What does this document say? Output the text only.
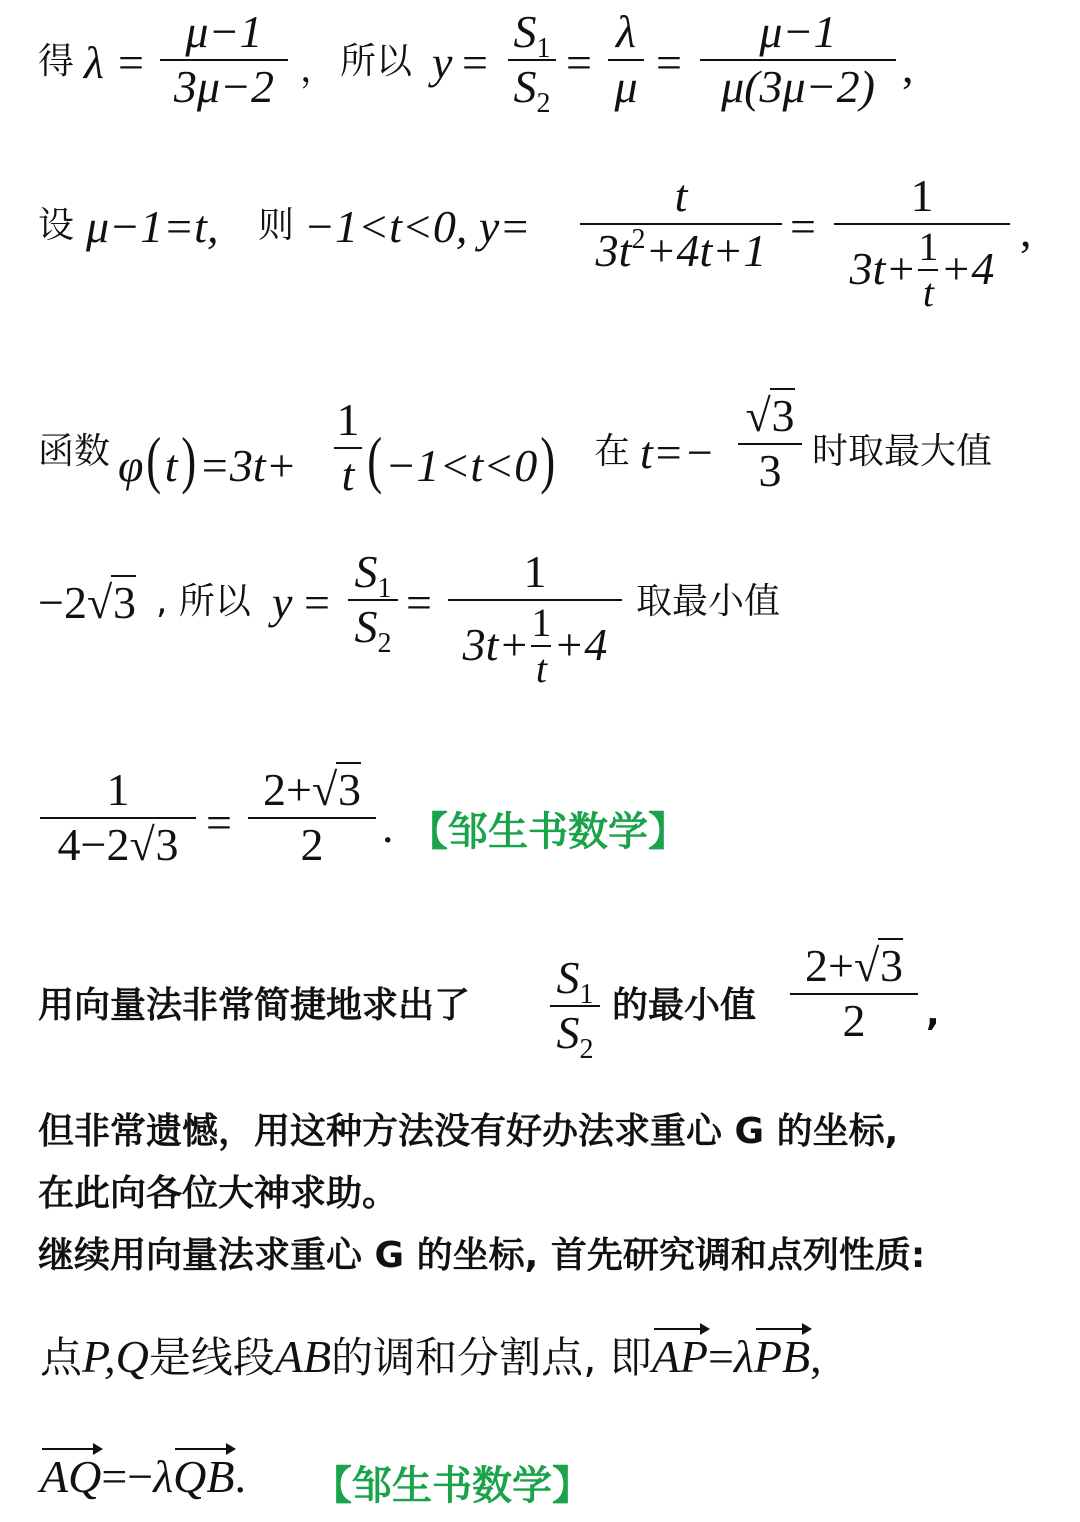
得 λ =
μ−1
3μ−2 ， 所以 y =
$S_1$
$S_2$
=
λ
μ =
μ−1
μ(3μ−2) ,
设 μ−1=t, 则 −1<t<0, y=
t
$3t^2+4t+1$ =
1
3t+ 1
t +4
,
函数 φ(t)=3t+
1
t (−1<t<0) 在 t=−
√ 3
3 时取最大值
−2 √ 3 , 所以 y =
$S_1$
$S_2$
=
1
3t+ 1
t +4
取最小值
1
4−2 √ 3 =
2+ √ 3
2 . 【邹生书数学】
用向量法非常简捷地求出了
$S_1$
$S_2$
的最小值
2+ √ 3
2 ,
但非常遗憾，用这种方法没有好办法求重心 G 的坐标,
在此向各位大神求助。
继续用向量法求重心 G 的坐标, 首先研究调和点列性质:
点P,Q是线段AB的调和分割点, 即AP=λPB,
AQ=−λQB. 【邹生书数学】
